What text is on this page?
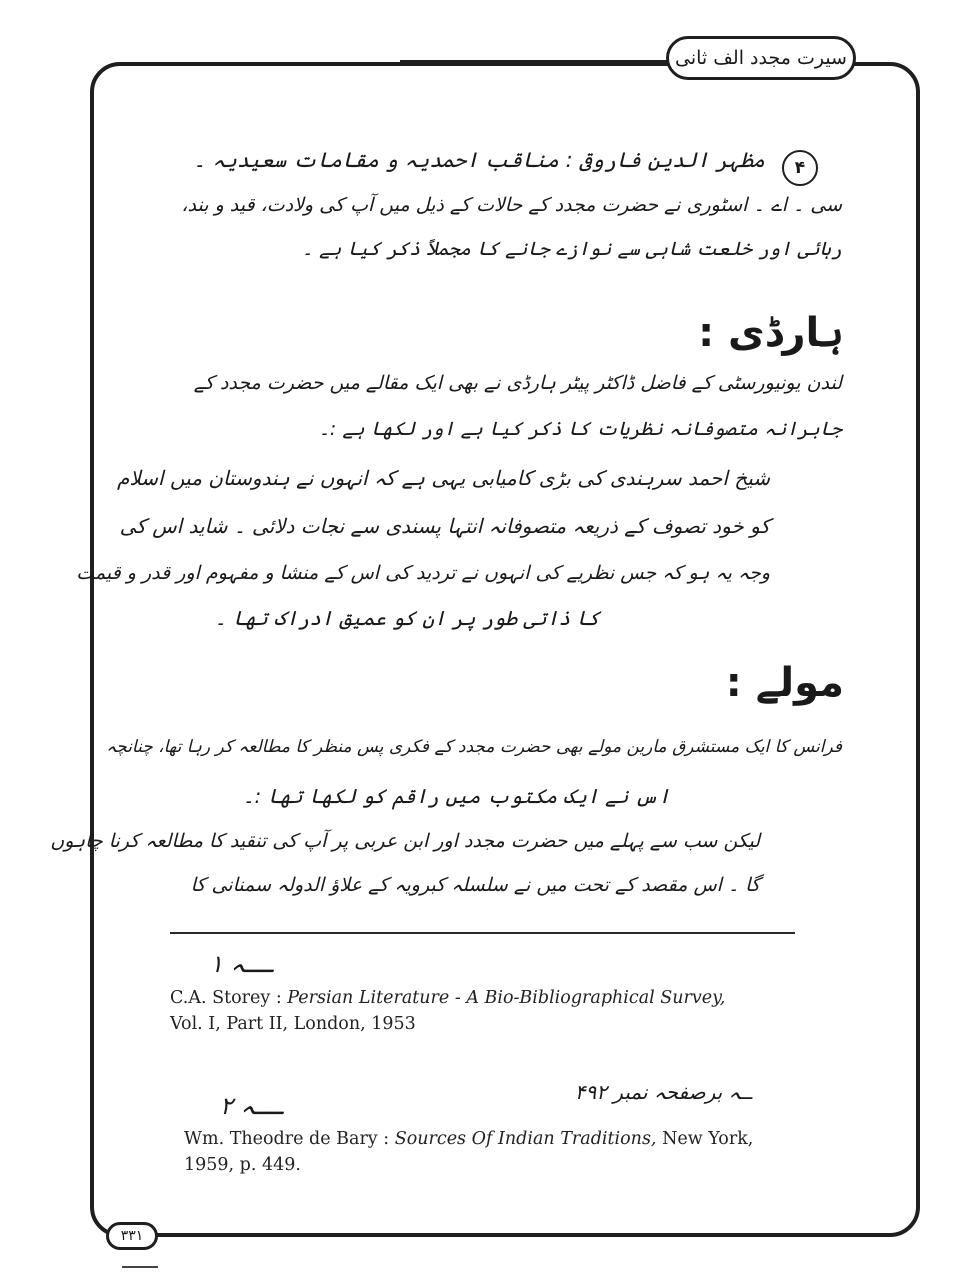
سیرت مجدد الف ثانی
۴
مظہر الدین فاروقی : مناقب احمدیہ و مقامات سعیدیہ ۔
سی ۔ اے ۔ اسٹوری نے حضرت مجدد کے حالات کے ذیل میں آپ کی ولادت، قید و بند،
رہائی اور خلعت شاہی سے نوازے جانے کا مجملاً ذکر کیا ہے ۔
ہارڈی :
لندن یونیورسٹی کے فاضل ڈاکٹر پیٹر ہارڈی نے بھی ایک مقالے میں حضرت مجدد کے
جابرانہ متصوفانہ نظریات کا ذکر کیا ہے اور لکھا ہے :۔
شیخ احمد سرہندی کی بڑی کامیابی یہی ہے کہ انہوں نے ہندوستان میں اسلام
کو خود تصوف کے ذریعہ متصوفانہ انتہا پسندی سے نجات دلائی ۔ شاید اس کی
وجہ یہ ہو کہ جس نظریے کی انہوں نے تردید کی اس کے منشا و مفہوم اور قدر و قیمت
کا ذاتی طور پر ان کو عمیق ادراک تھا ۔
مولے :
فرانس کا ایک مستشرق مارین مولے بھی حضرت مجدد کے فکری پس منظر کا مطالعہ کر رہا تھا، چنانچہ
اس نے ایک مکتوب میں راقم کو لکھا تھا :۔
لیکن سب سے پہلے میں حضرت مجدد اور ابن عربی پر آپ کی تنقید کا مطالعہ کرنا چاہوں
گا ۔ اس مقصد کے تحت میں نے سلسلہ کبرویہ کے علاؤ الدولہ سمنانی کا
ــہ ١
C.A. Storey : Persian Literature - A Bio-Bibliographical Survey,
Vol. I, Part II, London, 1953
ــہ برصفحہ نمبر ۴۹۲
ــہ ٢
Wm. Theodre de Bary : Sources Of Indian Traditions, New York,
1959, p. 449.
۳۳۱
